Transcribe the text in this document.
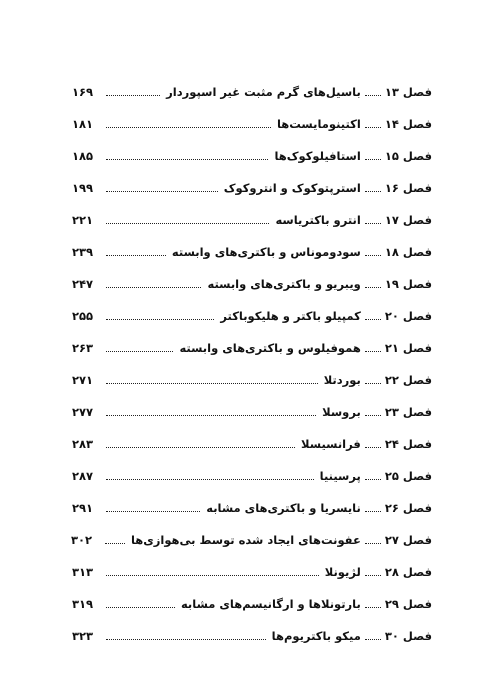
فصل ۱۳
باسیل‌های گرم مثبت غیر اسپوردار
۱۶۹
فصل ۱۴
اکتینومایست‌ها
۱۸۱
فصل ۱۵
استافیلوکوک‌ها
۱۸۵
فصل ۱۶
استرپتوکوک و انتروکوک
۱۹۹
فصل ۱۷
انترو باکتریاسه
۲۲۱
فصل ۱۸
سودوموناس و باکتری‌های وابسته
۲۳۹
فصل ۱۹
ویبریو و باکتری‌های وابسته
۲۴۷
فصل ۲۰
کمپیلو باکتر و هلیکوباکتر
۲۵۵
فصل ۲۱
هموفیلوس و باکتری‌های وابسته
۲۶۳
فصل ۲۲
بوردتلا
۲۷۱
فصل ۲۳
بروسلا
۲۷۷
فصل ۲۴
فرانسیسلا
۲۸۳
فصل ۲۵
پرسینیا
۲۸۷
فصل ۲۶
نایسریا و باکتری‌های مشابه
۲۹۱
فصل ۲۷
عفونت‌های ایجاد شده توسط بی‌هوازی‌ها
۳۰۲
فصل ۲۸
لژیونلا
۳۱۳
فصل ۲۹
بارتونلاها و ارگانیسم‌های مشابه
۳۱۹
فصل ۳۰
میکو باکتریوم‌ها
۳۲۳
